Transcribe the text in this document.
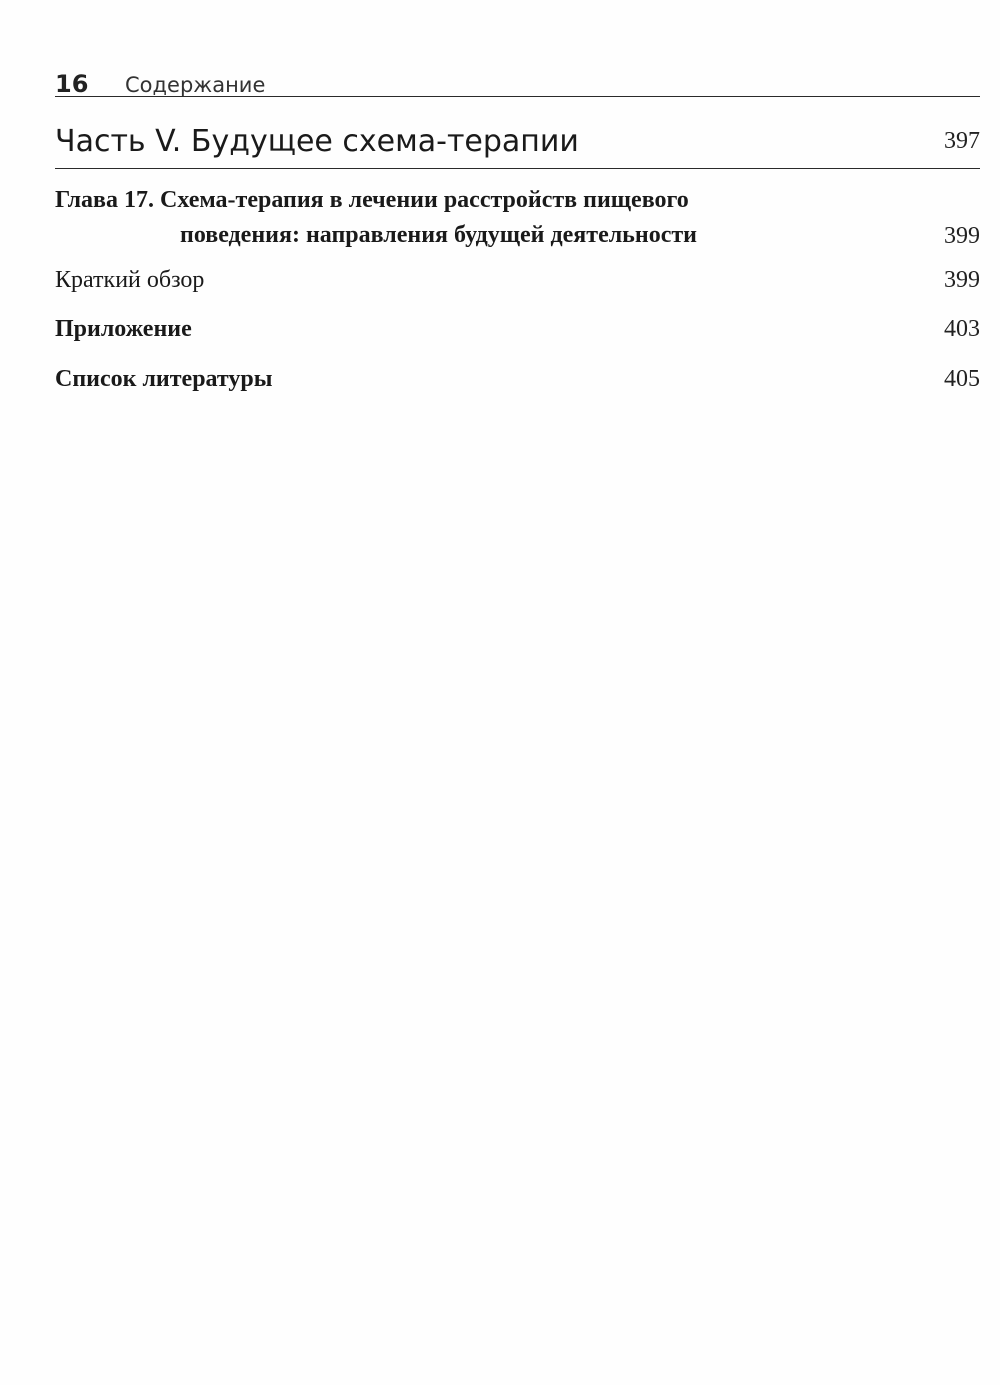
16 Содержание
Часть V. Будущее схема-терапии	397
Глава 17. Схема-терапия в лечении расстройств пищевого
поведения: направления будущей деятельности	399
Краткий обзор	399
Приложение	403
Список литературы	405
